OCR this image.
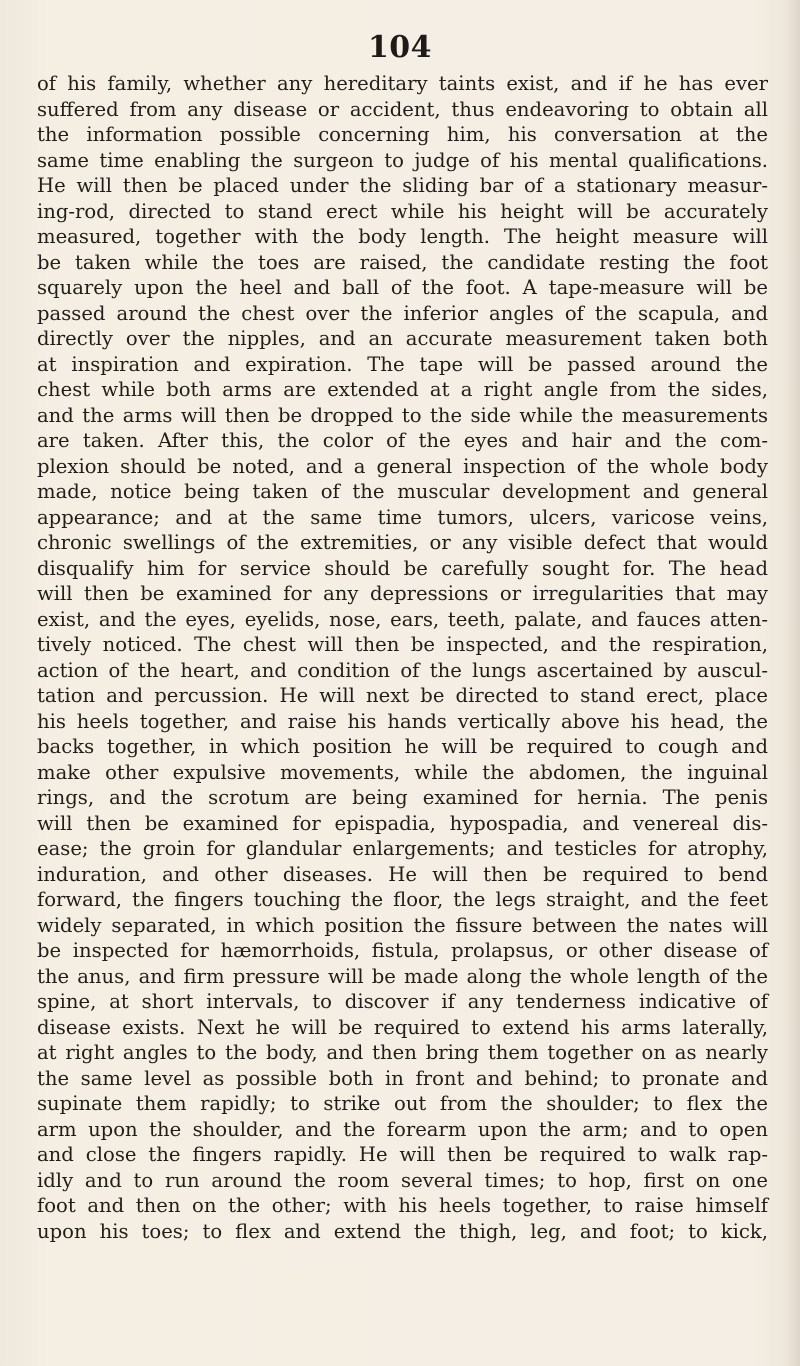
104
of his family, whether any hereditary taints exist, and if he has ever
suffered from any disease or accident, thus endeavoring to obtain all
the information possible concerning him, his conversation at the
same time enabling the surgeon to judge of his mental qualifications.
He will then be placed under the sliding bar of a stationary measur-
ing-rod, directed to stand erect while his height will be accurately
measured, together with the body length. The height measure will
be taken while the toes are raised, the candidate resting the foot
squarely upon the heel and ball of the foot. A tape-measure will be
passed around the chest over the inferior angles of the scapula, and
directly over the nipples, and an accurate measurement taken both
at inspiration and expiration. The tape will be passed around the
chest while both arms are extended at a right angle from the sides,
and the arms will then be dropped to the side while the measurements
are taken. After this, the color of the eyes and hair and the com-
plexion should be noted, and a general inspection of the whole body
made, notice being taken of the muscular development and general
appearance; and at the same time tumors, ulcers, varicose veins,
chronic swellings of the extremities, or any visible defect that would
disqualify him for service should be carefully sought for. The head
will then be examined for any depressions or irregularities that may
exist, and the eyes, eyelids, nose, ears, teeth, palate, and fauces atten-
tively noticed. The chest will then be inspected, and the respiration,
action of the heart, and condition of the lungs ascertained by auscul-
tation and percussion. He will next be directed to stand erect, place
his heels together, and raise his hands vertically above his head, the
backs together, in which position he will be required to cough and
make other expulsive movements, while the abdomen, the inguinal
rings, and the scrotum are being examined for hernia. The penis
will then be examined for epispadia, hypospadia, and venereal dis-
ease; the groin for glandular enlargements; and testicles for atrophy,
induration, and other diseases. He will then be required to bend
forward, the fingers touching the floor, the legs straight, and the feet
widely separated, in which position the fissure between the nates will
be inspected for hæmorrhoids, fistula, prolapsus, or other disease of
the anus, and firm pressure will be made along the whole length of the
spine, at short intervals, to discover if any tenderness indicative of
disease exists. Next he will be required to extend his arms laterally,
at right angles to the body, and then bring them together on as nearly
the same level as possible both in front and behind; to pronate and
supinate them rapidly; to strike out from the shoulder; to flex the
arm upon the shoulder, and the forearm upon the arm; and to open
and close the fingers rapidly. He will then be required to walk rap-
idly and to run around the room several times; to hop, first on one
foot and then on the other; with his heels together, to raise himself
upon his toes; to flex and extend the thigh, leg, and foot; to kick,
